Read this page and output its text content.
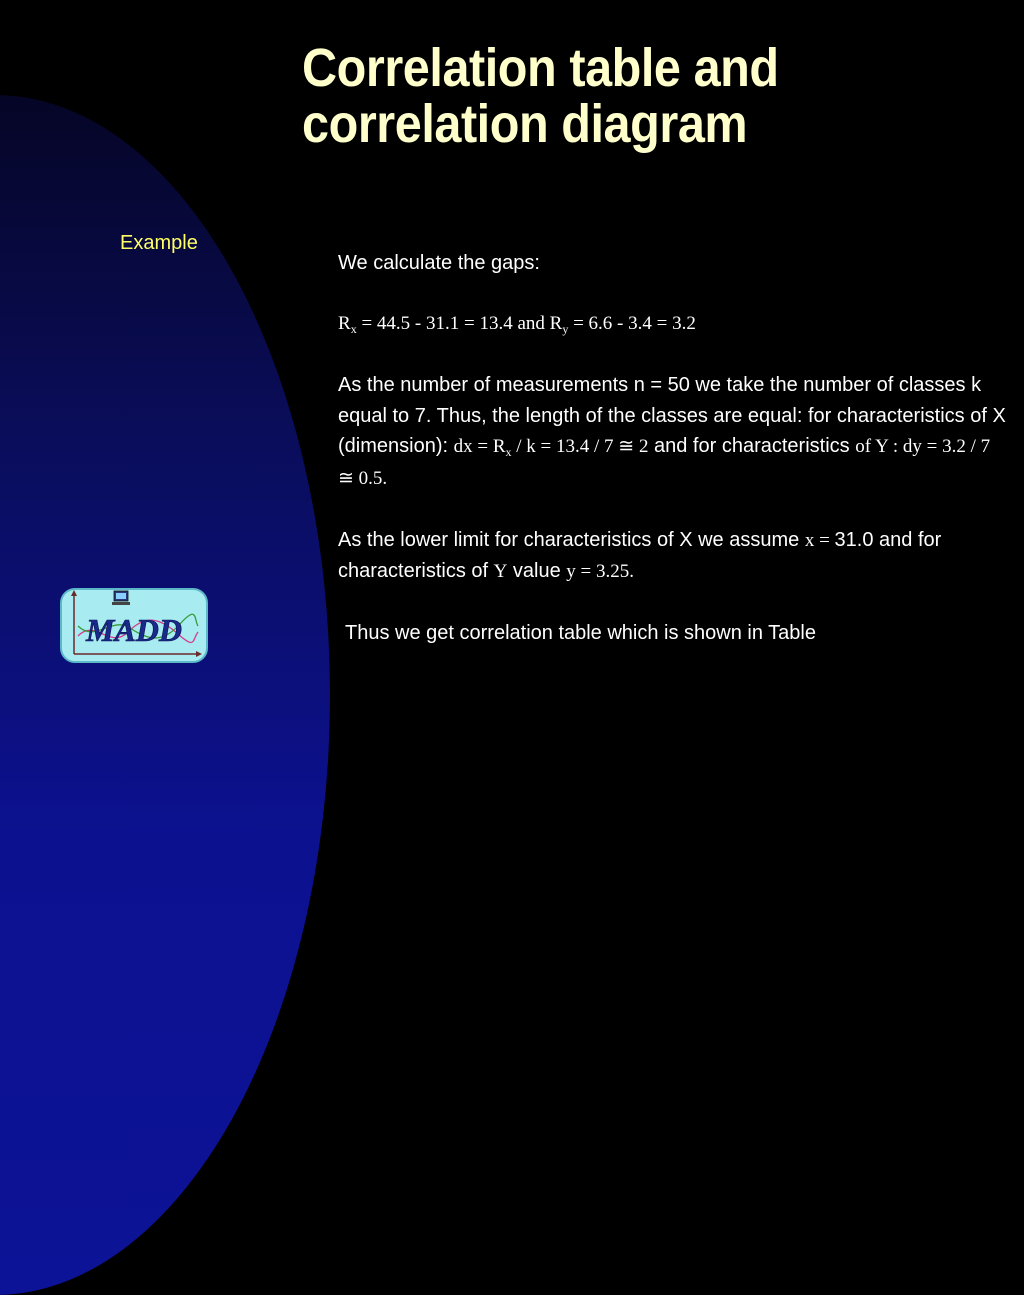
Correlation table and
correlation diagram
Example

We calculate the gaps:

$R_x = 44.5 - 31.1 = 13.4$ and $R_y = 6.6 - 3.4 = 3.2$

As the number of measurements n = 50 we take the number of classes k equal to 7. Thus, the length of the classes are equal: for characteristics of X (dimension): dx = $R_x / k = 13.4 / 7$ ≅ 2 and for characteristics of Y : dy = 3.2 / 7 ≅ 0.5.

As the lower limit for characteristics of X we assume x = 31.0 and for characteristics of Y value y = 3.25.

Thus we get correlation table which is shown in Table

MADD
